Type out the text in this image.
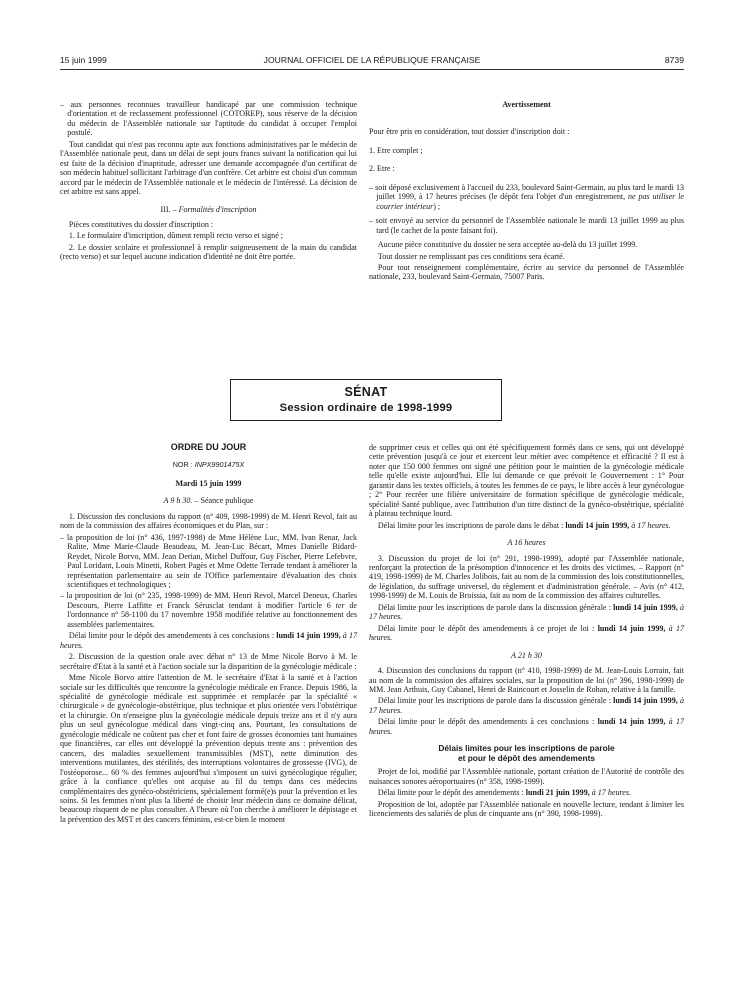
15 juin 1999	JOURNAL OFFICIEL DE LA RÉPUBLIQUE FRANÇAISE	8739

– aux personnes reconnues travailleur handicapé par une commission technique d'orientation et de reclassement professionnel (COTOREP), sous réserve de la décision du médecin de l'Assemblée nationale sur l'aptitude du candidat à occuper l'emploi postulé.

Tout candidat qui n'est pas reconnu apte aux fonctions administratives par le médecin de l'Assemblée nationale peut, dans un délai de sept jours francs suivant la notification qui lui est faite de la décision d'inaptitude, adresser une demande accompagnée d'un certificat de son médecin habituel sollicitant l'arbitrage d'un confrère. Cet arbitre est choisi d'un commun accord par le médecin de l'Assemblée nationale et le médecin de l'intéressé. La décision de cet arbitre est sans appel.

III. – Formalités d'inscription

Pièces constitutives du dossier d'inscription :

1. Le formulaire d'inscription, dûment rempli recto verso et signé ;

2. Le dossier scolaire et professionnel à remplir soigneusement de la main du candidat (recto verso) et sur lequel aucune indication d'identité ne doit être portée.

Avertissement

Pour être pris en considération, tout dossier d'inscription doit :

1. Etre complet ;

2. Etre :

– soit déposé exclusivement à l'accueil du 233, boulevard Saint-Germain, au plus tard le mardi 13 juillet 1999, à 17 heures précises (le dépôt fera l'objet d'un enregistrement, ne pas utiliser le courrier intérieur) ;

– soit envoyé au service du personnel de l'Assemblée nationale le mardi 13 juillet 1999 au plus tard (le cachet de la poste faisant foi).

Aucune pièce constitutive du dossier ne sera acceptée au-delà du 13 juillet 1999.

Tout dossier ne remplissant pas ces conditions sera écarté.

Pour tout renseignement complémentaire, écrire au service du personnel de l'Assemblée nationale, 233, boulevard Saint-Germain, 75007 Paris.

SÉNAT
Session ordinaire de 1998-1999

ORDRE DU JOUR

NOR : INPX9901475X

Mardi 15 juin 1999

A 9 h 30. – Séance publique

1. Discussion des conclusions du rapport (n° 409, 1998-1999) de M. Henri Revol, fait au nom de la commission des affaires économiques et du Plan, sur :

– la proposition de loi (n° 436, 1997-1998) de Mme Hélène Luc, MM. Ivan Renar, Jack Ralite, Mme Marie-Claude Beaudeau, M. Jean-Luc Bécart, Mmes Danielle Bidard-Reydet, Nicole Borvo, MM. Jean Derian, Michel Duffour, Guy Fischer, Pierre Lefebvre, Paul Loridant, Louis Minetti, Robert Pagès et Mme Odette Terrade tendant à améliorer la représentation parlementaire au sein de l'Office parlementaire d'évaluation des choix scientifiques et technologiques ;

– la proposition de loi (n° 235, 1998-1999) de MM. Henri Revol, Marcel Deneux, Charles Descours, Pierre Laffitte et Franck Sérusclat tendant à modifier l'article 6 ter de l'ordonnance n° 58-1100 du 17 novembre 1958 modifiée relative au fonctionnement des assemblées parlementaires.

Délai limite pour le dépôt des amendements à ces conclusions : lundi 14 juin 1999, à 17 heures.

2. Discussion de la question orale avec débat n° 13 de Mme Nicole Borvo à M. le secrétaire d'Etat à la santé et à l'action sociale sur la disparition de la gynécologie médicale :

Mme Nicole Borvo attire l'attention de M. le secrétaire d'Etat à la santé et à l'action sociale sur les difficultés que rencontre la gynécologie médicale en France. Depuis 1986, la spécialité de gynécologie médicale est supprimée et remplacée par la spécialité « chirurgicale » de gynécologie-obstétrique, plus technique et plus orientée vers l'obstétrique et la chirurgie. On n'enseigne plus la gynécologie médicale depuis treize ans et il n'y aura plus un seul gynécologue médical dans vingt-cinq ans. Pourtant, les consultations de gynécologie médicale ne coûtent pas cher et font faire de grosses économies tant humaines que financières, car elles ont développé la prévention depuis trente ans : prévention des cancers, des maladies sexuellement transmissibles (MST), nette diminution des interventions mutilantes, des stérilités, des interruptions volontaires de grossesse (IVG), de l'ostéoporose... 60 % des femmes aujourd'hui s'imposent un suivi gynécologique régulier, grâce à la confiance qu'elles ont acquise au fil du temps dans ces médecins complémentaires des gynéco-obstétriciens, spécialement formé(e)s pour la prévention et les soins. Si les femmes n'ont plus la liberté de choisir leur médecin dans ce domaine délicat, beaucoup risquent de ne plus consulter. A l'heure où l'on cherche à améliorer le dépistage et la prévention des MST et des cancers féminins, est-ce bien le moment

de supprimer ceux et celles qui ont été spécifiquement formés dans ce sens, qui ont développé cette prévention jusqu'à ce jour et exercent leur métier avec compétence et efficacité ? Il est à noter que 150 000 femmes ont signé une pétition pour le maintien de la gynécologie médicale telle qu'elle existe aujourd'hui. Elle lui demande ce que prévoit le Gouvernement : 1° Pour garantir dans les textes officiels, à toutes les femmes de ce pays, le libre accès à leur gynécologue ; 2° Pour recréer une filière universitaire de formation spécifique de gynécologie médicale, spécialité Santé publique, avec l'attribution d'un titre distinct de la gynéco-obstétrique, spécialité à plateau technique lourd.

Délai limite pour les inscriptions de parole dans le débat : lundi 14 juin 1999, à 17 heures.

A 16 heures

3. Discussion du projet de loi (n° 291, 1998-1999), adopté par l'Assemblée nationale, renforçant la protection de la présomption d'innocence et les droits des victimes. – Rapport (n° 419, 1998-1999) de M. Charles Jolibois, fait au nom de la commission des lois constitutionnelles, de législation, du suffrage universel, du règlement et d'administration générale. – Avis (n° 412, 1998-1999) de M. Louis de Broissia, fait au nom de la commission des affaires culturelles.

Délai limite pour les inscriptions de parole dans la discussion générale : lundi 14 juin 1999, à 17 heures.

Délai limite pour le dépôt des amendements à ce projet de loi : lundi 14 juin 1999, à 17 heures.

A 21 h 30

4. Discussion des conclusions du rapport (n° 410, 1998-1999) de M. Jean-Louis Lorrain, fait au nom de la commission des affaires sociales, sur la proposition de loi (n° 396, 1998-1999) de MM. Jean Arthuis, Guy Cabanel, Henri de Raincourt et Josselin de Rohan, relative à la famille.

Délai limite pour les inscriptions de parole dans la discussion générale : lundi 14 juin 1999, à 17 heures.

Délai limite pour le dépôt des amendements à ces conclusions : lundi 14 juin 1999, à 17 heures.

Délais limites pour les inscriptions de parole

et pour le dépôt des amendements

Projet de loi, modifié par l'Assemblée nationale, portant création de l'Autorité de contrôle des nuisances sonores aéroportuaires (n° 358, 1998-1999).

Délai limite pour le dépôt des amendements : lundi 21 juin 1999, à 17 heures.

Proposition de loi, adoptée par l'Assemblée nationale en nouvelle lecture, tendant à limiter les licenciements des salariés de plus de cinquante ans (n° 390, 1998-1999).
